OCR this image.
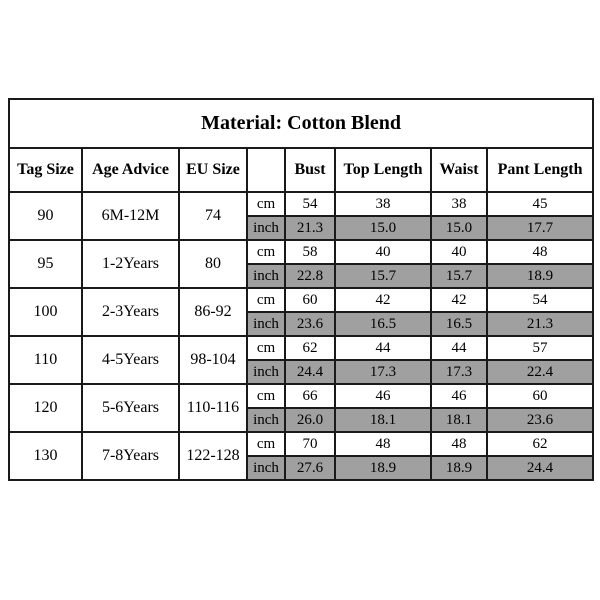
Material: Cotton Blend							
Tag Size	Age Advice	EU Size		Bust	Top Length	Waist	Pant Length
90	6M-12M	74	cm	54	38	38	45
			inch	21.3	15.0	15.0	17.7
95	1-2Years	80	cm	58	40	40	48
			inch	22.8	15.7	15.7	18.9
100	2-3Years	86-92	cm	60	42	42	54
			inch	23.6	16.5	16.5	21.3
110	4-5Years	98-104	cm	62	44	44	57
			inch	24.4	17.3	17.3	22.4
120	5-6Years	110-116	cm	66	46	46	60
			inch	26.0	18.1	18.1	23.6
130	7-8Years	122-128	cm	70	48	48	62
			inch	27.6	18.9	18.9	24.4
